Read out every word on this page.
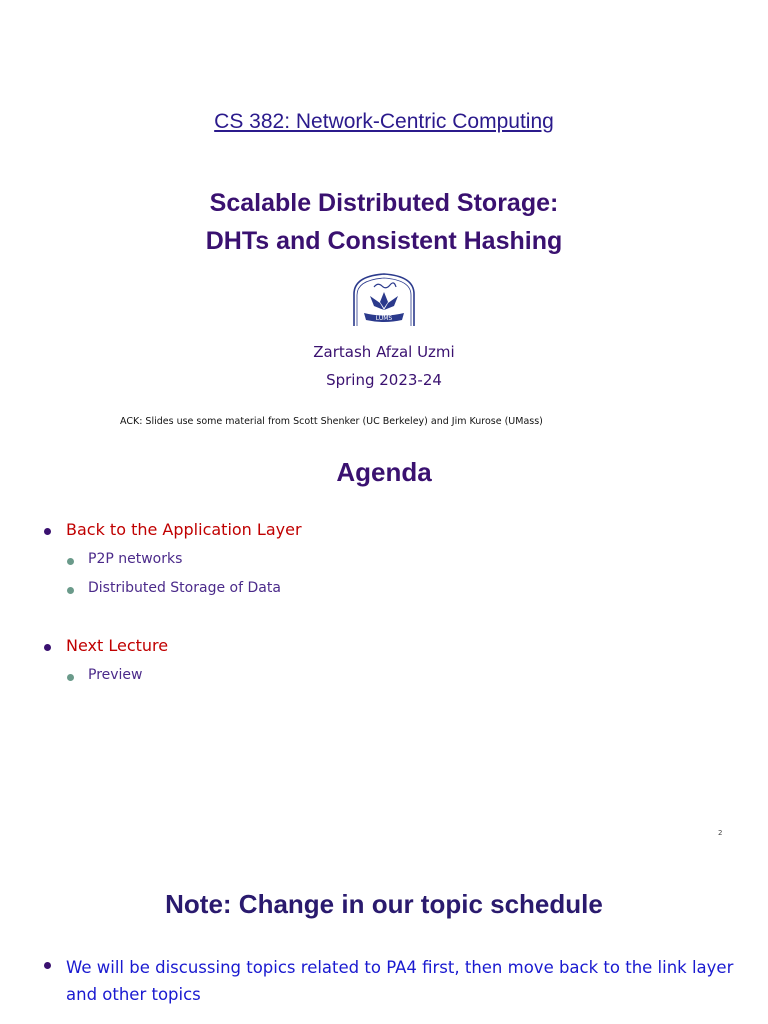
CS 382: Network-Centric Computing
Scalable Distributed Storage:
DHTs and Consistent Hashing
LUMS
Zartash Afzal Uzmi
Spring 2023-24
ACK: Slides use some material from Scott Shenker (UC Berkeley) and Jim Kurose (UMass)
Agenda
Back to the Application Layer
P2P networks
Distributed Storage of Data
Next Lecture
Preview
2
Note: Change in our topic schedule
We will be discussing topics related to PA4 first, then move back to the link layer and other topics
